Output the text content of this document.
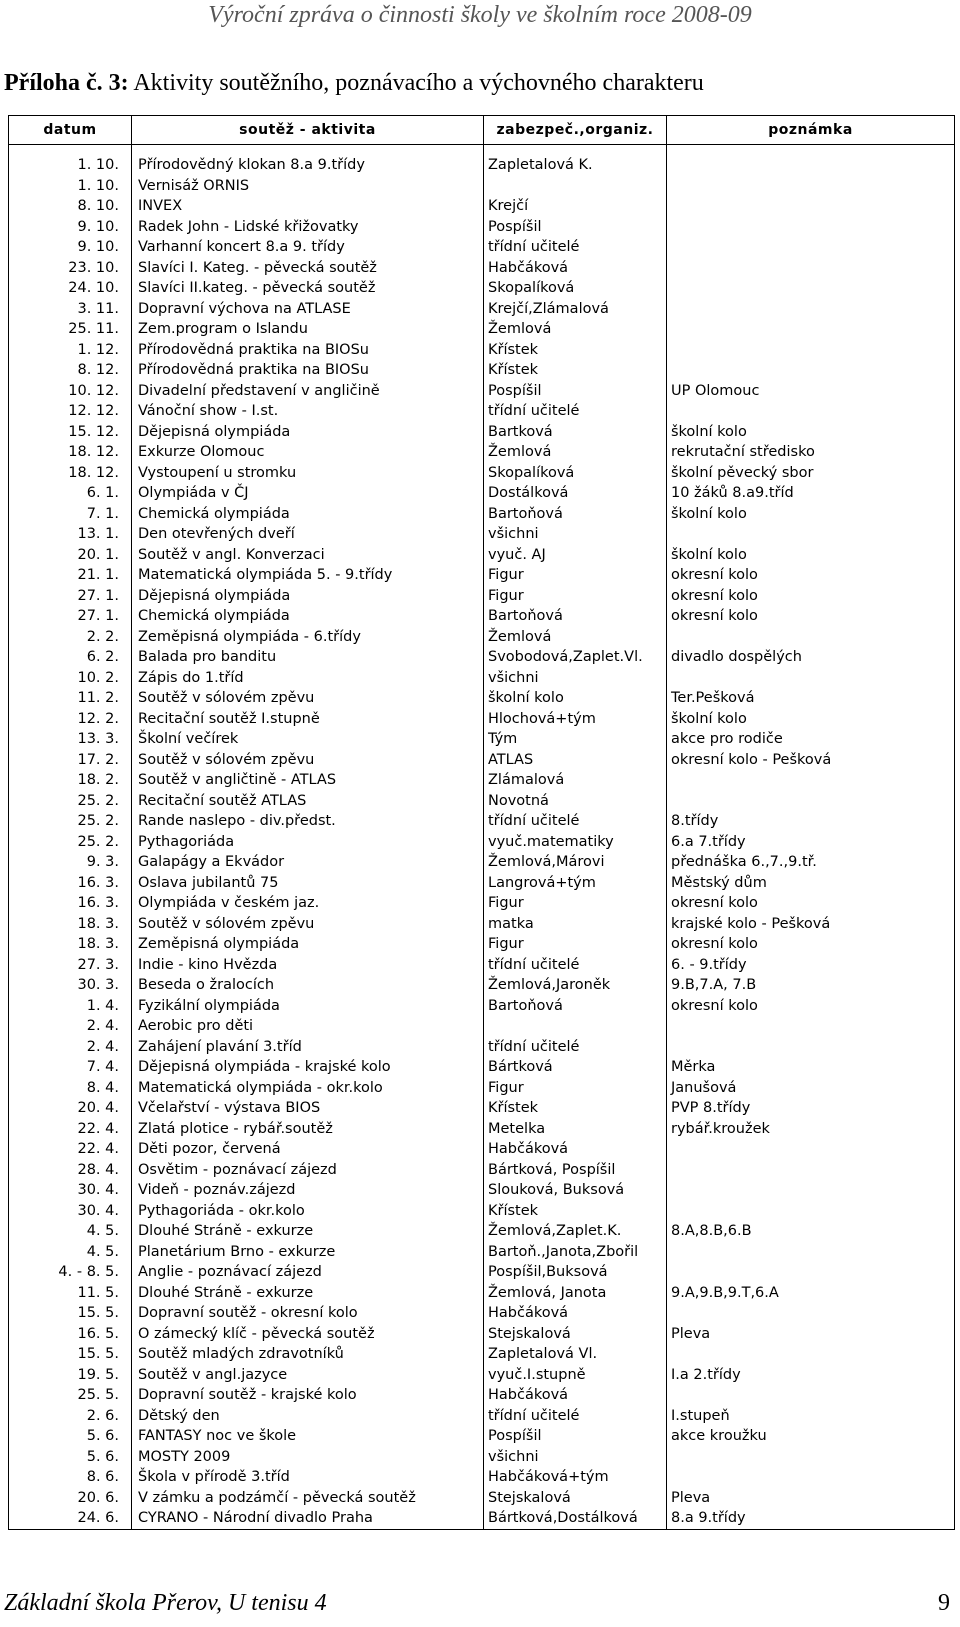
Výroční zpráva o činnosti školy ve školním roce 2008-09
Příloha č. 3: Aktivity soutěžního, poznávacího a výchovného charakteru
datum	soutěž - aktivita	zabezpeč.,organiz.	poznámka

1. 10.	Přírodovědný klokan 8.a 9.třídy	Zapletalová K.	
1. 10.	Vernisáž ORNIS		
8. 10.	INVEX	Krejčí	
9. 10.	Radek John - Lidské křižovatky	Pospíšil	
9. 10.	Varhanní koncert 8.a 9. třídy	třídní učitelé	
23. 10.	Slavíci I. Kateg. - pěvecká soutěž	Habčáková	
24. 10.	Slavíci II.kateg. - pěvecká soutěž	Skopalíková	
3. 11.	Dopravní výchova na ATLASE	Krejčí,Zlámalová	
25. 11.	Zem.program o Islandu	Žemlová	
1. 12.	Přírodovědná praktika na BIOSu	Křístek	
8. 12.	Přírodovědná praktika na BIOSu	Křístek	
10. 12.	Divadelní představení v angličině	Pospíšil	UP Olomouc
12. 12.	Vánoční show - I.st.	třídní učitelé	
15. 12.	Dějepisná olympiáda	Bartková	školní kolo
18. 12.	Exkurze Olomouc	Žemlová	rekrutační středisko
18. 12.	Vystoupení u stromku	Skopalíková	školní pěvecký sbor
6. 1.	Olympiáda v ČJ	Dostálková	10 žáků 8.a9.tříd
7. 1.	Chemická olympiáda	Bartoňová	školní kolo
13. 1.	Den otevřených dveří	všichni	
20. 1.	Soutěž v angl. Konverzaci	vyuč. AJ	školní kolo
21. 1.	Matematická olympiáda 5. - 9.třídy	Figur	okresní kolo
27. 1.	Dějepisná olympiáda	Figur	okresní kolo
27. 1.	Chemická olympiáda	Bartoňová	okresní kolo
2. 2.	Zeměpisná olympiáda - 6.třídy	Žemlová	
6. 2.	Balada pro banditu	Svobodová,Zaplet.Vl.	divadlo dospělých
10. 2.	Zápis do 1.tříd	všichni	
11. 2.	Soutěž v sólovém zpěvu	školní kolo	Ter.Pešková
12. 2.	Recitační soutěž I.stupně	Hlochová+tým	školní kolo
13. 3.	Školní večírek	Tým	akce pro rodiče
17. 2.	Soutěž v sólovém zpěvu	ATLAS	okresní kolo - Pešková
18. 2.	Soutěž v angličtině - ATLAS	Zlámalová	
25. 2.	Recitační soutěž ATLAS	Novotná	
25. 2.	Rande naslepo - div.předst.	třídní učitelé	8.třídy
25. 2.	Pythagoriáda	vyuč.matematiky	6.a 7.třídy
9. 3.	Galapágy a Ekvádor	Žemlová,Márovi	přednáška 6.,7.,9.tř.
16. 3.	Oslava jubilantů 75	Langrová+tým	Městský dům
16. 3.	Olympiáda v českém jaz.	Figur	okresní kolo
18. 3.	Soutěž v sólovém zpěvu	matka	krajské kolo - Pešková
18. 3.	Zeměpisná olympiáda	Figur	okresní kolo
27. 3.	Indie - kino Hvězda	třídní učitelé	6. - 9.třídy
30. 3.	Beseda o žralocích	Žemlová,Jaroněk	9.B,7.A, 7.B
1. 4.	Fyzikální olympiáda	Bartoňová	okresní kolo
2. 4.	Aerobic pro děti		
2. 4.	Zahájení plavání 3.tříd	třídní učitelé	
7. 4.	Dějepisná olympiáda - krajské kolo	Bártková	Měrka
8. 4.	Matematická olympiáda - okr.kolo	Figur	Janušová
20. 4.	Včelařství - výstava BIOS	Křístek	PVP 8.třídy
22. 4.	Zlatá plotice - rybář.soutěž	Metelka	rybář.kroužek
22. 4.	Děti pozor, červená	Habčáková	
28. 4.	Osvětim - poznávací zájezd	Bártková, Pospíšil	
30. 4.	Videň - poznáv.zájezd	Slouková, Buksová	
30. 4.	Pythagoriáda - okr.kolo	Křístek	
4. 5.	Dlouhé Stráně - exkurze	Žemlová,Zaplet.K.	8.A,8.B,6.B
4. 5.	Planetárium Brno - exkurze	Bartoň.,Janota,Zbořil	
4. - 8. 5.	Anglie - poznávací zájezd	Pospíšil,Buksová	
11. 5.	Dlouhé Stráně - exkurze	Žemlová, Janota	9.A,9.B,9.T,6.A
15. 5.	Dopravní soutěž - okresní kolo	Habčáková	
16. 5.	O zámecký klíč - pěvecká soutěž	Stejskalová	Pleva
15. 5.	Soutěž mladých zdravotníků	Zapletalová Vl.	
19. 5.	Soutěž v angl.jazyce	vyuč.I.stupně	I.a 2.třídy
25. 5.	Dopravní soutěž - krajské kolo	Habčáková	
2. 6.	Dětský den	třídní učitelé	I.stupeň
5. 6.	FANTASY noc ve škole	Pospíšil	akce kroužku
5. 6.	MOSTY 2009	všichni	
8. 6.	Škola v přírodě 3.tříd	Habčáková+tým	
20. 6.	V zámku a podzámčí - pěvecká soutěž	Stejskalová	Pleva
24. 6.	CYRANO - Národní divadlo Praha	Bártková,Dostálková	8.a 9.třídy
Základní škola Přerov, U tenisu 4	9
